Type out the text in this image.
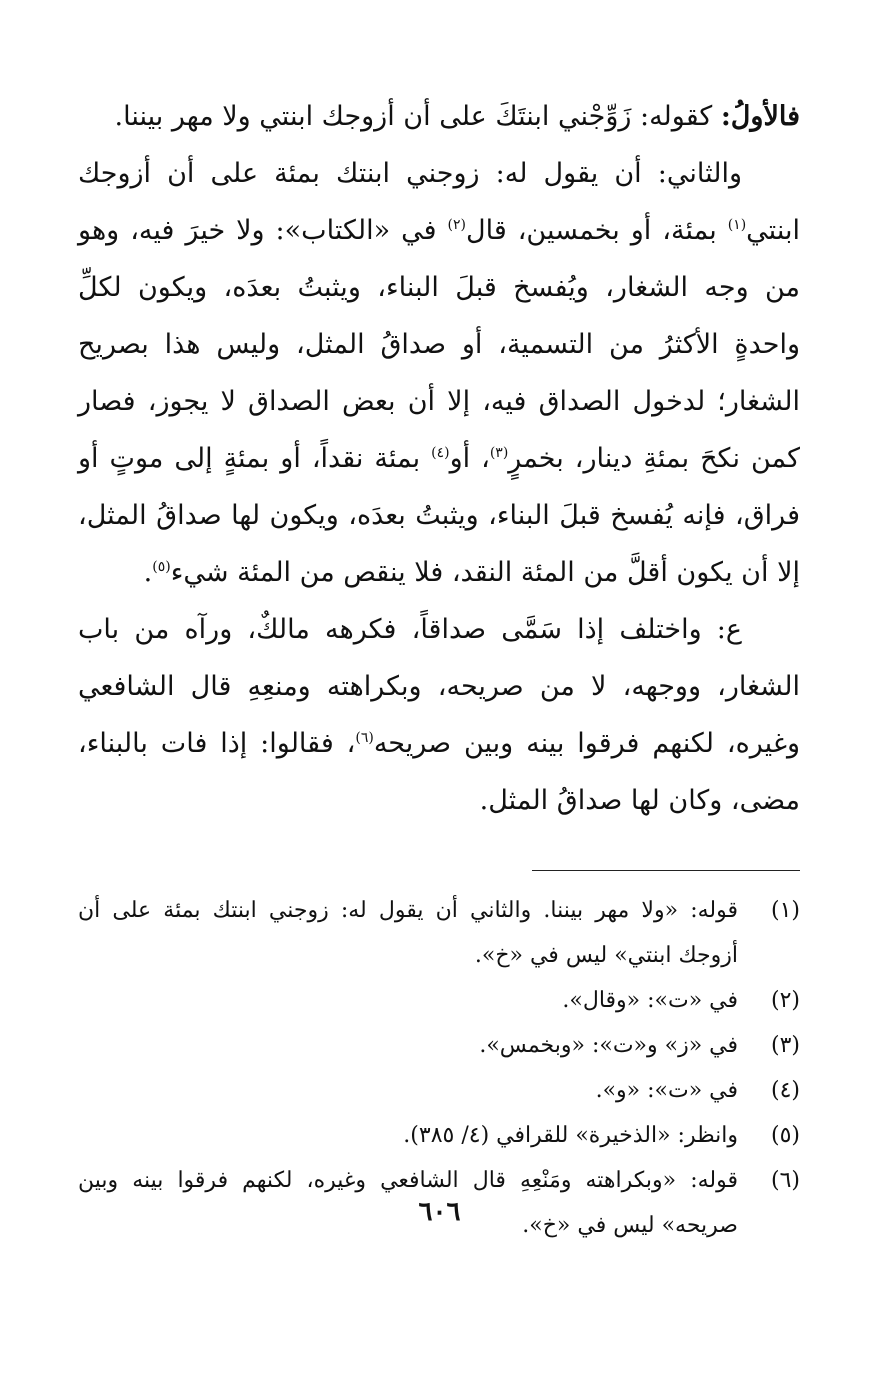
فالأولُ: كقوله: زَوِّجْني ابنتَكَ على أن أزوجك ابنتي ولا مهر بيننا.

والثاني: أن يقول له: زوجني ابنتك بمئة على أن أزوجك ابنتي$^{(١)}$ بمئة، أو بخمسين، قال$^{(٢)}$ في «الكتاب»: ولا خيرَ فيه، وهو من وجه الشغار، ويُفسخ قبلَ البناء، ويثبتُ بعدَه، ويكون لكلِّ واحدةٍ الأكثرُ من التسمية، أو صداقُ المثل، وليس هذا بصريح الشغار؛ لدخول الصداق فيه، إلا أن بعض الصداق لا يجوز، فصار كمن نكحَ بمئةِ دينار، بخمرٍ$^{(٣)}$، أو$^{(٤)}$ بمئة نقداً، أو بمئةٍ إلى موتٍ أو فراق، فإنه يُفسخ قبلَ البناء، ويثبتُ بعدَه، ويكون لها صداقُ المثل، إلا أن يكون أقلَّ من المئة النقد، فلا ينقص من المئة شيء$^{(٥)}$.

ع: واختلف إذا سَمَّى صداقاً، فكرهه مالكٌ، ورآه من باب الشغار، ووجهه، لا من صريحه، وبكراهته ومنعِهِ قال الشافعي وغيره، لكنهم فرقوا بينه وبين صريحه$^{(٦)}$، فقالوا: إذا فات بالبناء، مضى، وكان لها صداقُ المثل.

(١)
قوله: «ولا مهر بيننا. والثاني أن يقول له: زوجني ابنتك بمئة على أن أزوجك ابنتي» ليس في «خ».
(٢)
في «ت»: «وقال».
(٣)
في «ز» و«ت»: «وبخمس».
(٤)
في «ت»: «و».
(٥)
وانظر: «الذخيرة» للقرافي (٤/ ٣٨٥).
(٦)
قوله: «وبكراهته ومَنْعِهِ قال الشافعي وغيره، لكنهم فرقوا بينه وبين صريحه» ليس في «خ».
٦٠٦
